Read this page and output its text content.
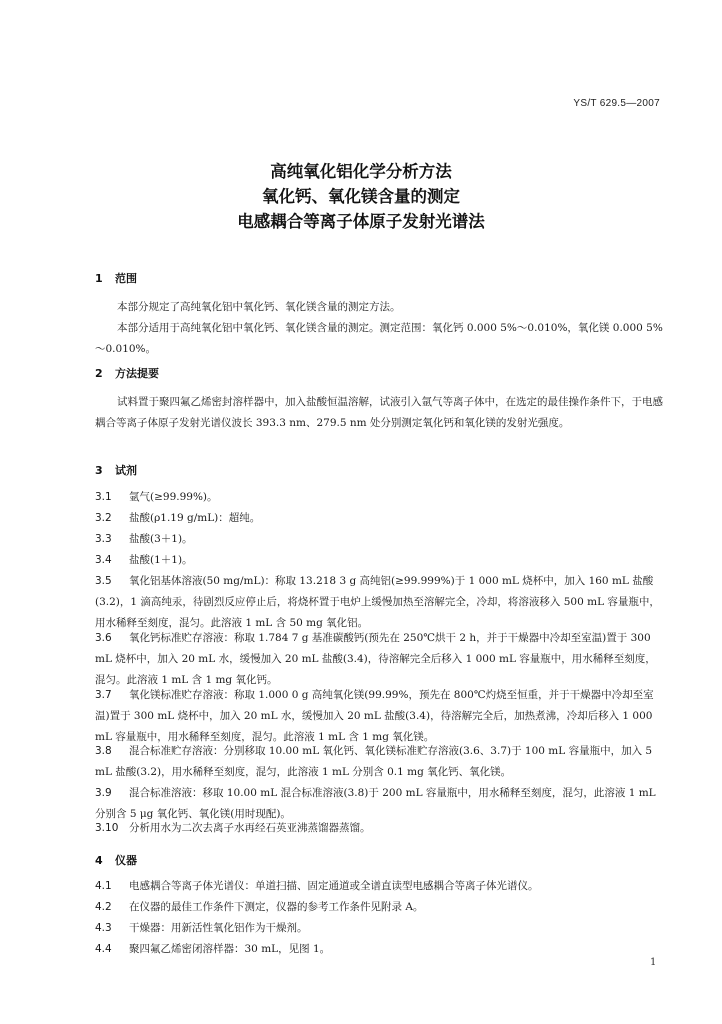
YS/T 629.5—2007
高纯氧化铝化学分析方法
氧化钙、氧化镁含量的测定
电感耦合等离子体原子发射光谱法
1 范围
本部分规定了高纯氧化铝中氧化钙、氧化镁含量的测定方法。
本部分适用于高纯氧化铝中氧化钙、氧化镁含量的测定。测定范围：氧化钙 0.000 5%～0.010%，氧化镁 0.000 5%～0.010%。
2 方法提要
试料置于聚四氟乙烯密封溶样器中，加入盐酸恒温溶解，试液引入氩气等离子体中，在选定的最佳操作条件下，于电感耦合等离子体原子发射光谱仪波长 393.3 nm、279.5 nm 处分别测定氧化钙和氧化镁的发射光强度。
3 试剂
3.1	氩气(≥99.99%)。
3.2	盐酸(ρ1.19 g/mL)：超纯。
3.3	盐酸(3＋1)。
3.4	盐酸(1＋1)。
3.5	氧化铝基体溶液(50 mg/mL)：称取 13.218 3 g 高纯铝(≥99.999%)于 1 000 mL 烧杯中，加入 160 mL 盐酸(3.2)，1 滴高纯汞，待剧烈反应停止后，将烧杯置于电炉上缓慢加热至溶解完全，冷却，将溶液移入 500 mL 容量瓶中，用水稀释至刻度，混匀。此溶液 1 mL 含 50 mg 氧化铝。
3.6	氧化钙标准贮存溶液：称取 1.784 7 g 基准碳酸钙(预先在 250℃烘干 2 h，并于干燥器中冷却至室温)置于 300 mL 烧杯中，加入 20 mL 水，缓慢加入 20 mL 盐酸(3.4)，待溶解完全后移入 1 000 mL 容量瓶中，用水稀释至刻度，混匀。此溶液 1 mL 含 1 mg 氧化钙。
3.7	氧化镁标准贮存溶液：称取 1.000 0 g 高纯氧化镁(99.99%，预先在 800℃灼烧至恒重，并于干燥器中冷却至室温)置于 300 mL 烧杯中，加入 20 mL 水，缓慢加入 20 mL 盐酸(3.4)，待溶解完全后，加热煮沸，冷却后移入 1 000 mL 容量瓶中，用水稀释至刻度，混匀。此溶液 1 mL 含 1 mg 氧化镁。
3.8	混合标准贮存溶液：分别移取 10.00 mL 氧化钙、氧化镁标准贮存溶液(3.6、3.7)于 100 mL 容量瓶中，加入 5 mL 盐酸(3.2)，用水稀释至刻度，混匀，此溶液 1 mL 分别含 0.1 mg 氧化钙、氧化镁。
3.9	混合标准溶液：移取 10.00 mL 混合标准溶液(3.8)于 200 mL 容量瓶中，用水稀释至刻度，混匀，此溶液 1 mL 分别含 5 μg 氧化钙、氧化镁(用时现配)。
3.10	分析用水为二次去离子水再经石英亚沸蒸馏器蒸馏。
4 仪器
4.1	电感耦合等离子体光谱仪：单道扫描、固定通道或全谱直读型电感耦合等离子体光谱仪。
4.2	在仪器的最佳工作条件下测定，仪器的参考工作条件见附录 A。
4.3	干燥器：用新活性氧化铝作为干燥剂。
4.4	聚四氟乙烯密闭溶样器：30 mL，见图 1。
1
